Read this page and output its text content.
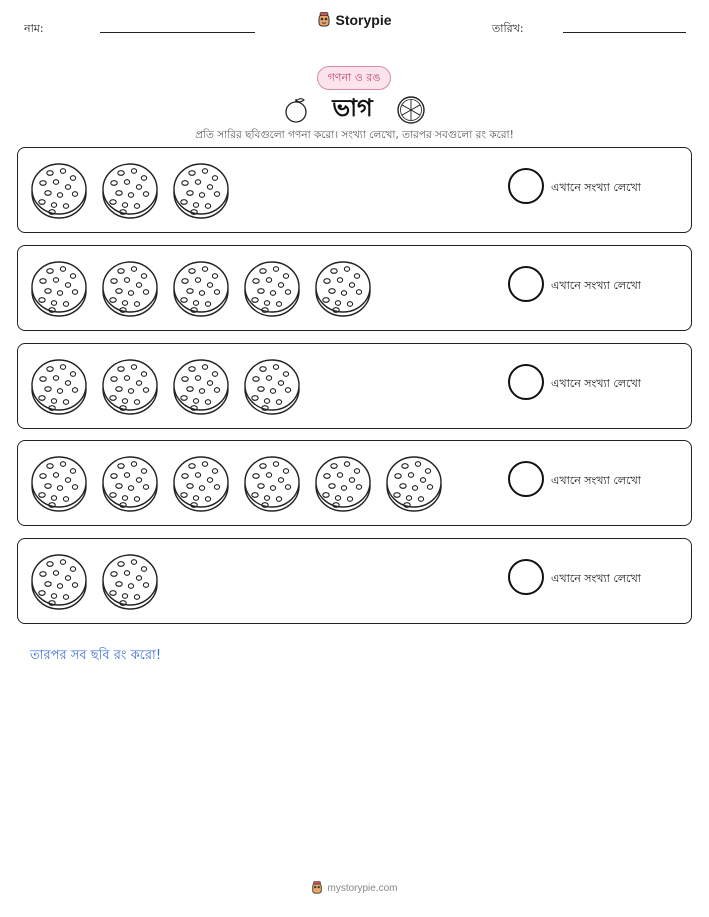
নাম:
Storypie
তারিখ:
গণনা ও রঙ
ভাগ
প্রতি সারির ছবিগুলো গণনা করো। সংখ্যা লেখো, তারপর সবগুলো রং করো!
এখানে সংখ্যা লেখো
এখানে সংখ্যা লেখো
এখানে সংখ্যা লেখো
এখানে সংখ্যা লেখো
এখানে সংখ্যা লেখো
তারপর সব ছবি রং করো!
mystorypie.com
